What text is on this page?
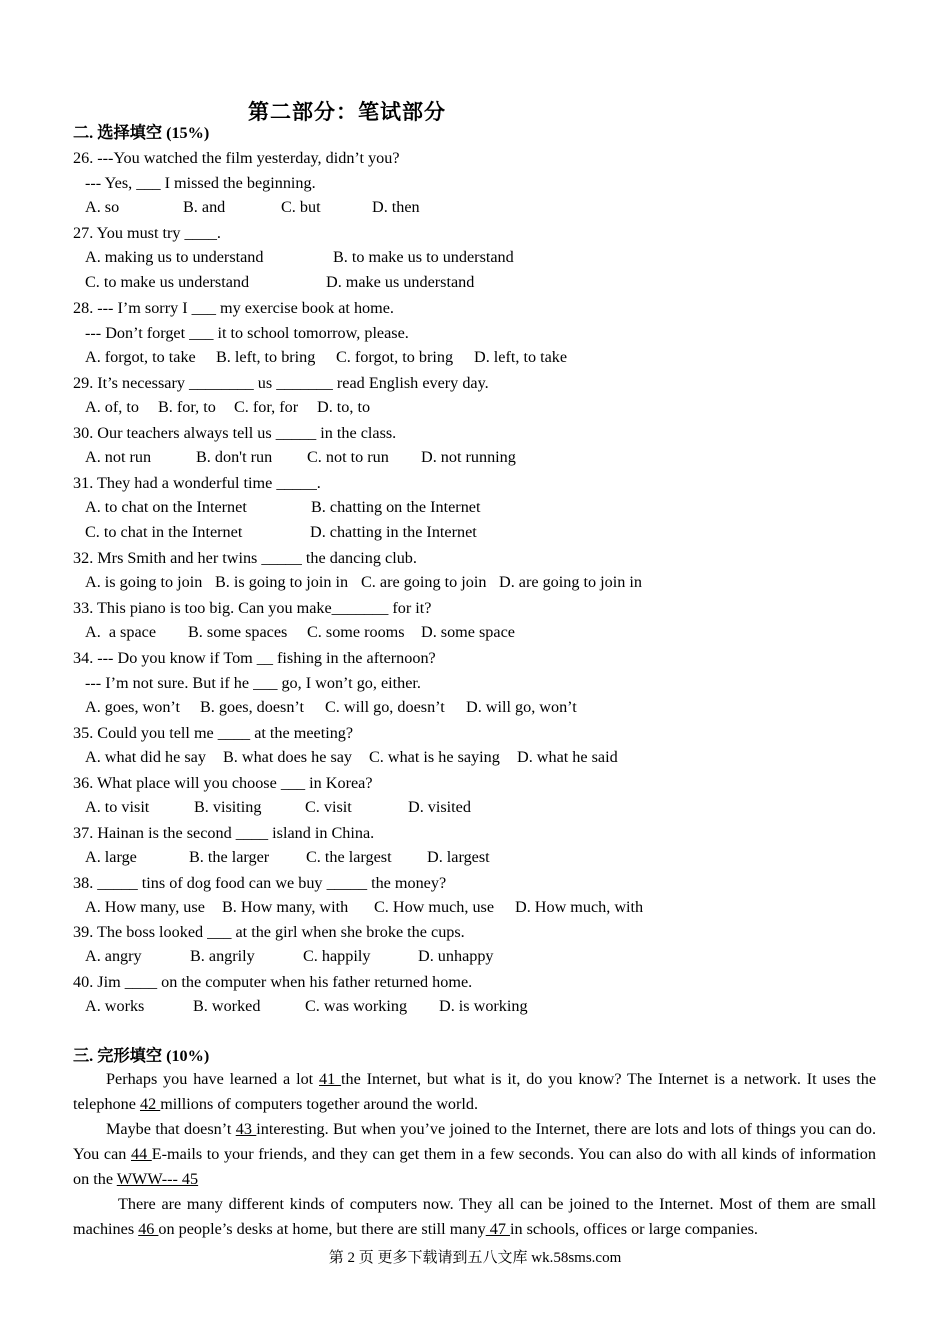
第二部分：笔试部分
二. 选择填空 (15%)
26. ---You watched the film yesterday, didn’t you?
--- Yes, ___ I missed the beginning.
A. so	B. and	C. but	D. then
27. You must try ____.
A. making us to understand	B. to make us to understand
C. to make us understand	D. make us understand
28. --- I’m sorry I ___ my exercise book at home.
--- Don’t forget ___ it to school tomorrow, please.
A. forgot, to take B. left, to bring C. forgot, to bring D. left, to take
29. It’s necessary ________ us _______ read English every day.
A. of, to B. for, to C. for, for D. to, to
30. Our teachers always tell us _____ in the class.
A. not run	B. don't run C. not to run D. not running
31. They had a wonderful time _____.
A. to chat on the Internet	B. chatting on the Internet
C. to chat in the Internet	D. chatting in the Internet
32. Mrs Smith and her twins _____ the dancing club.
A. is going to join B. is going to join in C. are going to join D. are going to join in
33. This piano is too big. Can you make_______ for it?
A.  a space B. some spaces C. some rooms D. some space
34. --- Do you know if Tom __ fishing in the afternoon?
--- I’m not sure. But if he ___ go, I won’t go, either.
A. goes, won’t B. goes, doesn’t C. will go, doesn’t D. will go, won’t
35. Could you tell me ____ at the meeting?
A. what did he say B. what does he say C. what is he saying D. what he said
36. What place will you choose ___ in Korea?
A. to visit	B. visiting	C. visit	D. visited
37. Hainan is the second ____ island in China.
A. large	B. the larger C. the largest D. largest
38. _____ tins of dog food can we buy _____ the money?
A. How many, use B. How many, with C. How much, use D. How much, with
39. The boss looked ___ at the girl when she broke the cups.
A. angry	B. angrily	C. happily	D. unhappy
40. Jim ____ on the computer when his father returned home.
A. works	B. worked	C. was working D. is working
三. 完形填空 (10%)
Perhaps you have learned a lot 41 the Internet, but what is it, do you know? The Internet is a network. It uses the telephone 42 millions of computers together around the world.
Maybe that doesn’t 43 interesting. But when you’ve joined to the Internet, there are lots and lots of things you can do. You can 44 E-mails to your friends, and they can get them in a few seconds. You can also do with all kinds of information on the WWW--- 45
There are many different kinds of computers now. They all can be joined to the Internet. Most of them are small machines 46 on people’s desks at home, but there are still many 47 in schools, offices or large companies.
第 2 页 更多下载请到五八文库 wk.58sms.com
